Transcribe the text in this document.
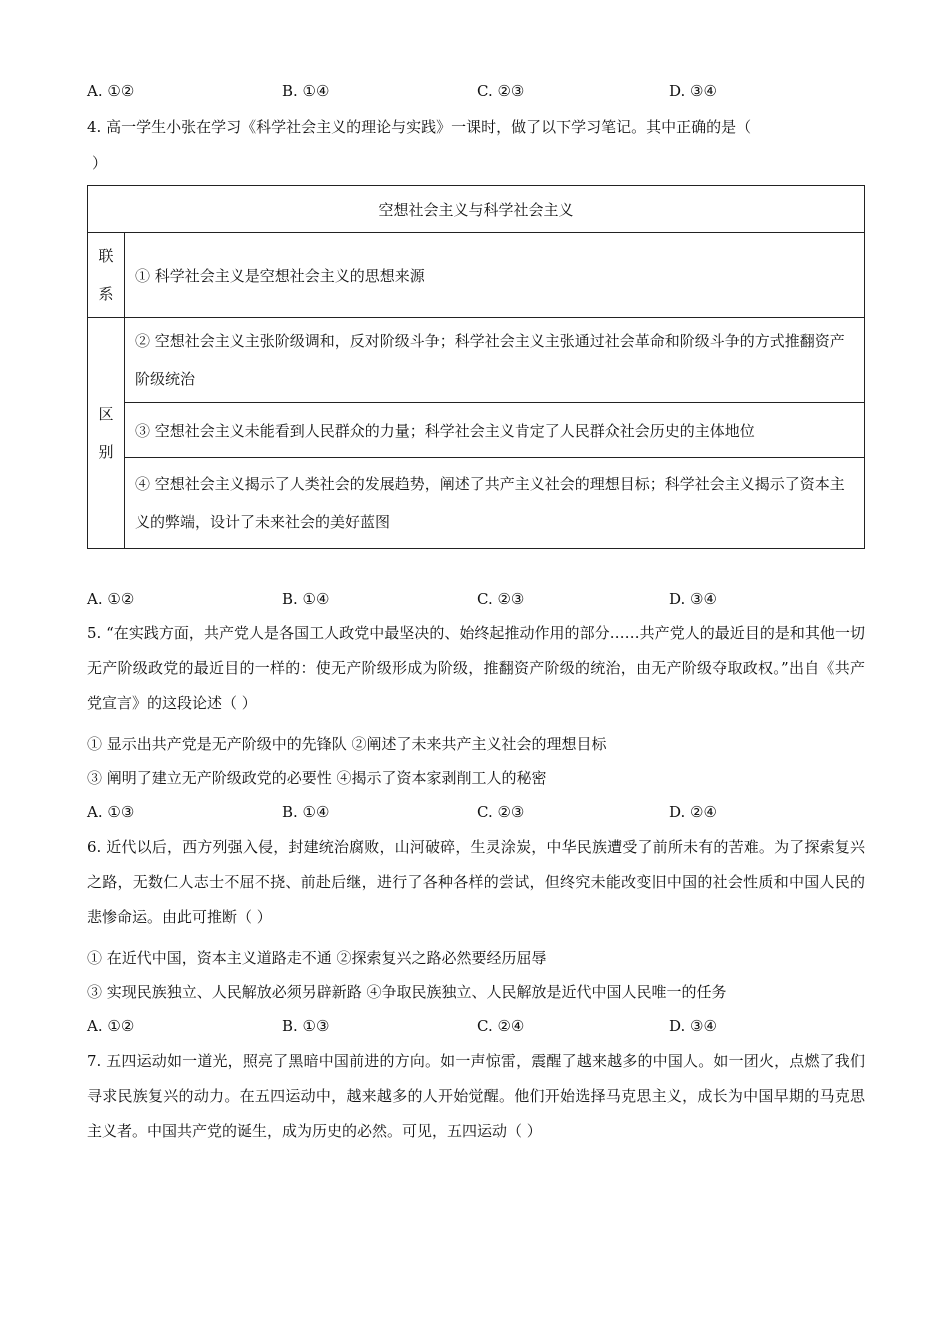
A. ①②	B. ①④	C. ②③	D. ③④
4. 高一学生小张在学习《科学社会主义的理论与实践》一课时，做了以下学习笔记。其中正确的是（
）
空想社会主义与科学社会主义	
联系	① 科学社会主义是空想社会主义的思想来源
区别	② 空想社会主义主张阶级调和，反对阶级斗争；科学社会主义主张通过社会革命和阶级斗争的方式推翻资产阶级统治
	③ 空想社会主义未能看到人民群众的力量；科学社会主义肯定了人民群众社会历史的主体地位
	④ 空想社会主义揭示了人类社会的发展趋势，阐述了共产主义社会的理想目标；科学社会主义揭示了资本主义的弊端，设计了未来社会的美好蓝图
A. ①②	B. ①④	C. ②③	D. ③④
5. “在实践方面，共产党人是各国工人政党中最坚决的、始终起推动作用的部分……共产党人的最近目的是和其他一切无产阶级政党的最近目的一样的：使无产阶级形成为阶级，推翻资产阶级的统治，由无产阶级夺取政权。”出自《共产党宣言》的这段论述（ ）
① 显示出共产党是无产阶级中的先锋队 ②阐述了未来共产主义社会的理想目标
③ 阐明了建立无产阶级政党的必要性 ④揭示了资本家剥削工人的秘密
A. ①③	B. ①④	C. ②③	D. ②④
6. 近代以后，西方列强入侵，封建统治腐败，山河破碎，生灵涂炭，中华民族遭受了前所未有的苦难。为了探索复兴之路，无数仁人志士不屈不挠、前赴后继，进行了各种各样的尝试，但终究未能改变旧中国的社会性质和中国人民的悲惨命运。由此可推断（ ）
① 在近代中国，资本主义道路走不通 ②探索复兴之路必然要经历屈辱
③ 实现民族独立、人民解放必须另辟新路 ④争取民族独立、人民解放是近代中国人民唯一的任务
A. ①②	B. ①③	C. ②④	D. ③④
7. 五四运动如一道光，照亮了黑暗中国前进的方向。如一声惊雷，震醒了越来越多的中国人。如一团火，点燃了我们寻求民族复兴的动力。在五四运动中，越来越多的人开始觉醒。他们开始选择马克思主义，成长为中国早期的马克思主义者。中国共产党的诞生，成为历史的必然。可见，五四运动（ ）
